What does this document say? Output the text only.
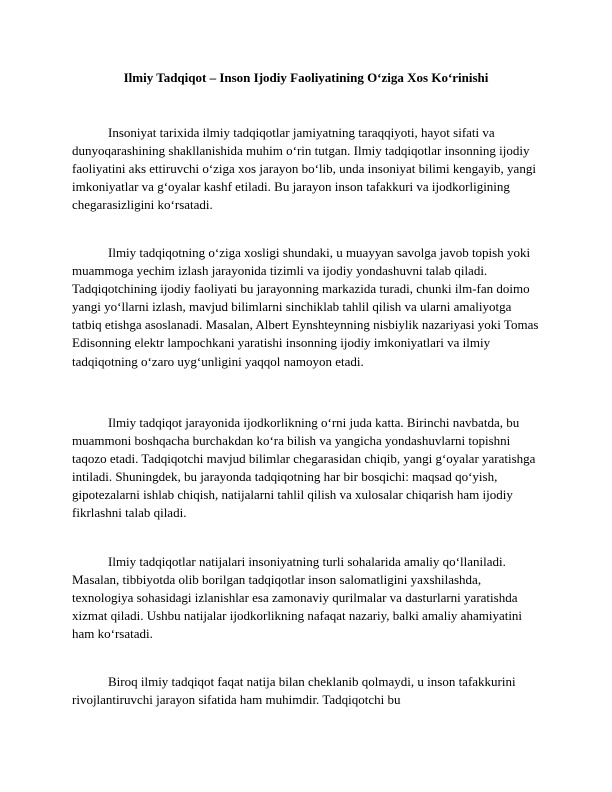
Ilmiy Tadqiqot – Inson Ijodiy Faoliyatining O‘ziga Xos Ko‘rinishi

Insoniyat tarixida ilmiy tadqiqotlar jamiyatning taraqqiyoti, hayot sifati va dunyoqarashining shakllanishida muhim o‘rin tutgan. Ilmiy tadqiqotlar insonning ijodiy faoliyatini aks ettiruvchi o‘ziga xos jarayon bo‘lib, unda insoniyat bilimi kengayib, yangi imkoniyatlar va g‘oyalar kashf etiladi. Bu jarayon inson tafakkuri va ijodkorligining chegarasizligini ko‘rsatadi.

Ilmiy tadqiqotning o‘ziga xosligi shundaki, u muayyan savolga javob topish yoki muammoga yechim izlash jarayonida tizimli va ijodiy yondashuvni talab qiladi. Tadqiqotchining ijodiy faoliyati bu jarayonning markazida turadi, chunki ilm-fan doimo yangi yo‘llarni izlash, mavjud bilimlarni sinchiklab tahlil qilish va ularni amaliyotga tatbiq etishga asoslanadi. Masalan, Albert Eynshteynning nisbiylik nazariyasi yoki Tomas Edisonning elektr lampochkani yaratishi insonning ijodiy imkoniyatlari va ilmiy tadqiqotning o‘zaro uyg‘unligini yaqqol namoyon etadi.

Ilmiy tadqiqot jarayonida ijodkorlikning o‘rni juda katta. Birinchi navbatda, bu muammoni boshqacha burchakdan ko‘ra bilish va yangicha yondashuvlarni topishni taqozo etadi. Tadqiqotchi mavjud bilimlar chegarasidan chiqib, yangi g‘oyalar yaratishga intiladi. Shuningdek, bu jarayonda tadqiqotning har bir bosqichi: maqsad qo‘yish, gipotezalarni ishlab chiqish, natijalarni tahlil qilish va xulosalar chiqarish ham ijodiy fikrlashni talab qiladi.

Ilmiy tadqiqotlar natijalari insoniyatning turli sohalarida amaliy qo‘llaniladi. Masalan, tibbiyotda olib borilgan tadqiqotlar inson salomatligini yaxshilashda, texnologiya sohasidagi izlanishlar esa zamonaviy qurilmalar va dasturlarni yaratishda xizmat qiladi. Ushbu natijalar ijodkorlikning nafaqat nazariy, balki amaliy ahamiyatini ham ko‘rsatadi.

Biroq ilmiy tadqiqot faqat natija bilan cheklanib qolmaydi, u inson tafakkurini rivojlantiruvchi jarayon sifatida ham muhimdir. Tadqiqotchi bu
